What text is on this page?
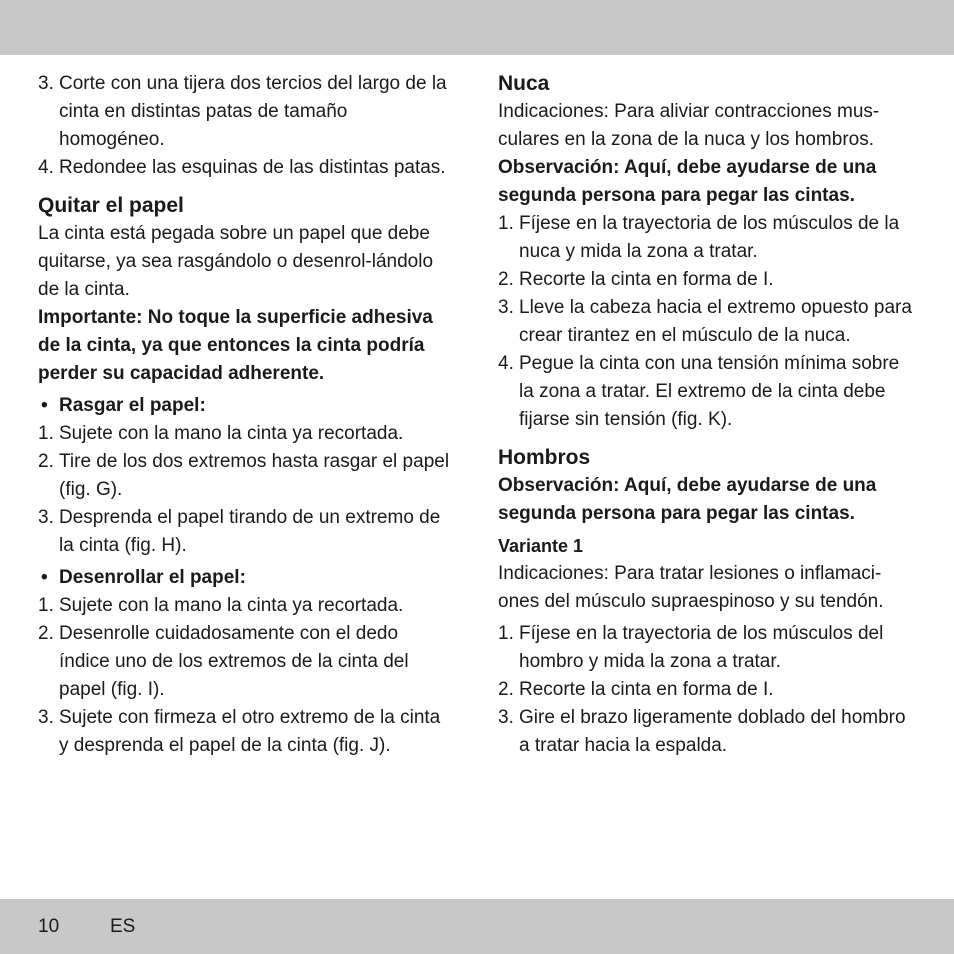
3. Corte con una tijera dos tercios del largo de la cinta en distintas patas de tamaño homogéneo.
4. Redondee las esquinas de las distintas patas.
Quitar el papel

La cinta está pegada sobre un papel que debe quitarse, ya sea rasgándolo o desenrol-lándolo de la cinta.

Importante: No toque la superficie adhesiva de la cinta, ya que entonces la cinta podría perder su capacidad adherente.

• Rasgar el papel:
1. Sujete con la mano la cinta ya recortada.
2. Tire de los dos extremos hasta rasgar el papel (fig. G).
3. Desprenda el papel tirando de un extremo de la cinta (fig. H).
• Desenrollar el papel:
1. Sujete con la mano la cinta ya recortada.
2. Desenrolle cuidadosamente con el dedo índice uno de los extremos de la cinta del papel (fig. I).
3. Sujete con firmeza el otro extremo de la cinta y desprenda el papel de la cinta (fig. J).
Nuca

Indicaciones: Para aliviar contracciones mus-culares en la zona de la nuca y los hombros.

Observación: Aquí, debe ayudarse de una segunda persona para pegar las cintas.

1. Fíjese en la trayectoria de los músculos de la nuca y mida la zona a tratar.
2. Recorte la cinta en forma de I.
3. Lleve la cabeza hacia el extremo opuesto para crear tirantez en el músculo de la nuca.
4. Pegue la cinta con una tensión mínima sobre la zona a tratar. El extremo de la cinta debe fijarse sin tensión (fig. K).
Hombros

Observación: Aquí, debe ayudarse de una segunda persona para pegar las cintas.

Variante 1

Indicaciones: Para tratar lesiones o inflamaci-ones del músculo supraespinoso y su tendón.

1. Fíjese en la trayectoria de los músculos del hombro y mida la zona a tratar.
2. Recorte la cinta en forma de I.
3. Gire el brazo ligeramente doblado del hombro a tratar hacia la espalda.
10	ES
